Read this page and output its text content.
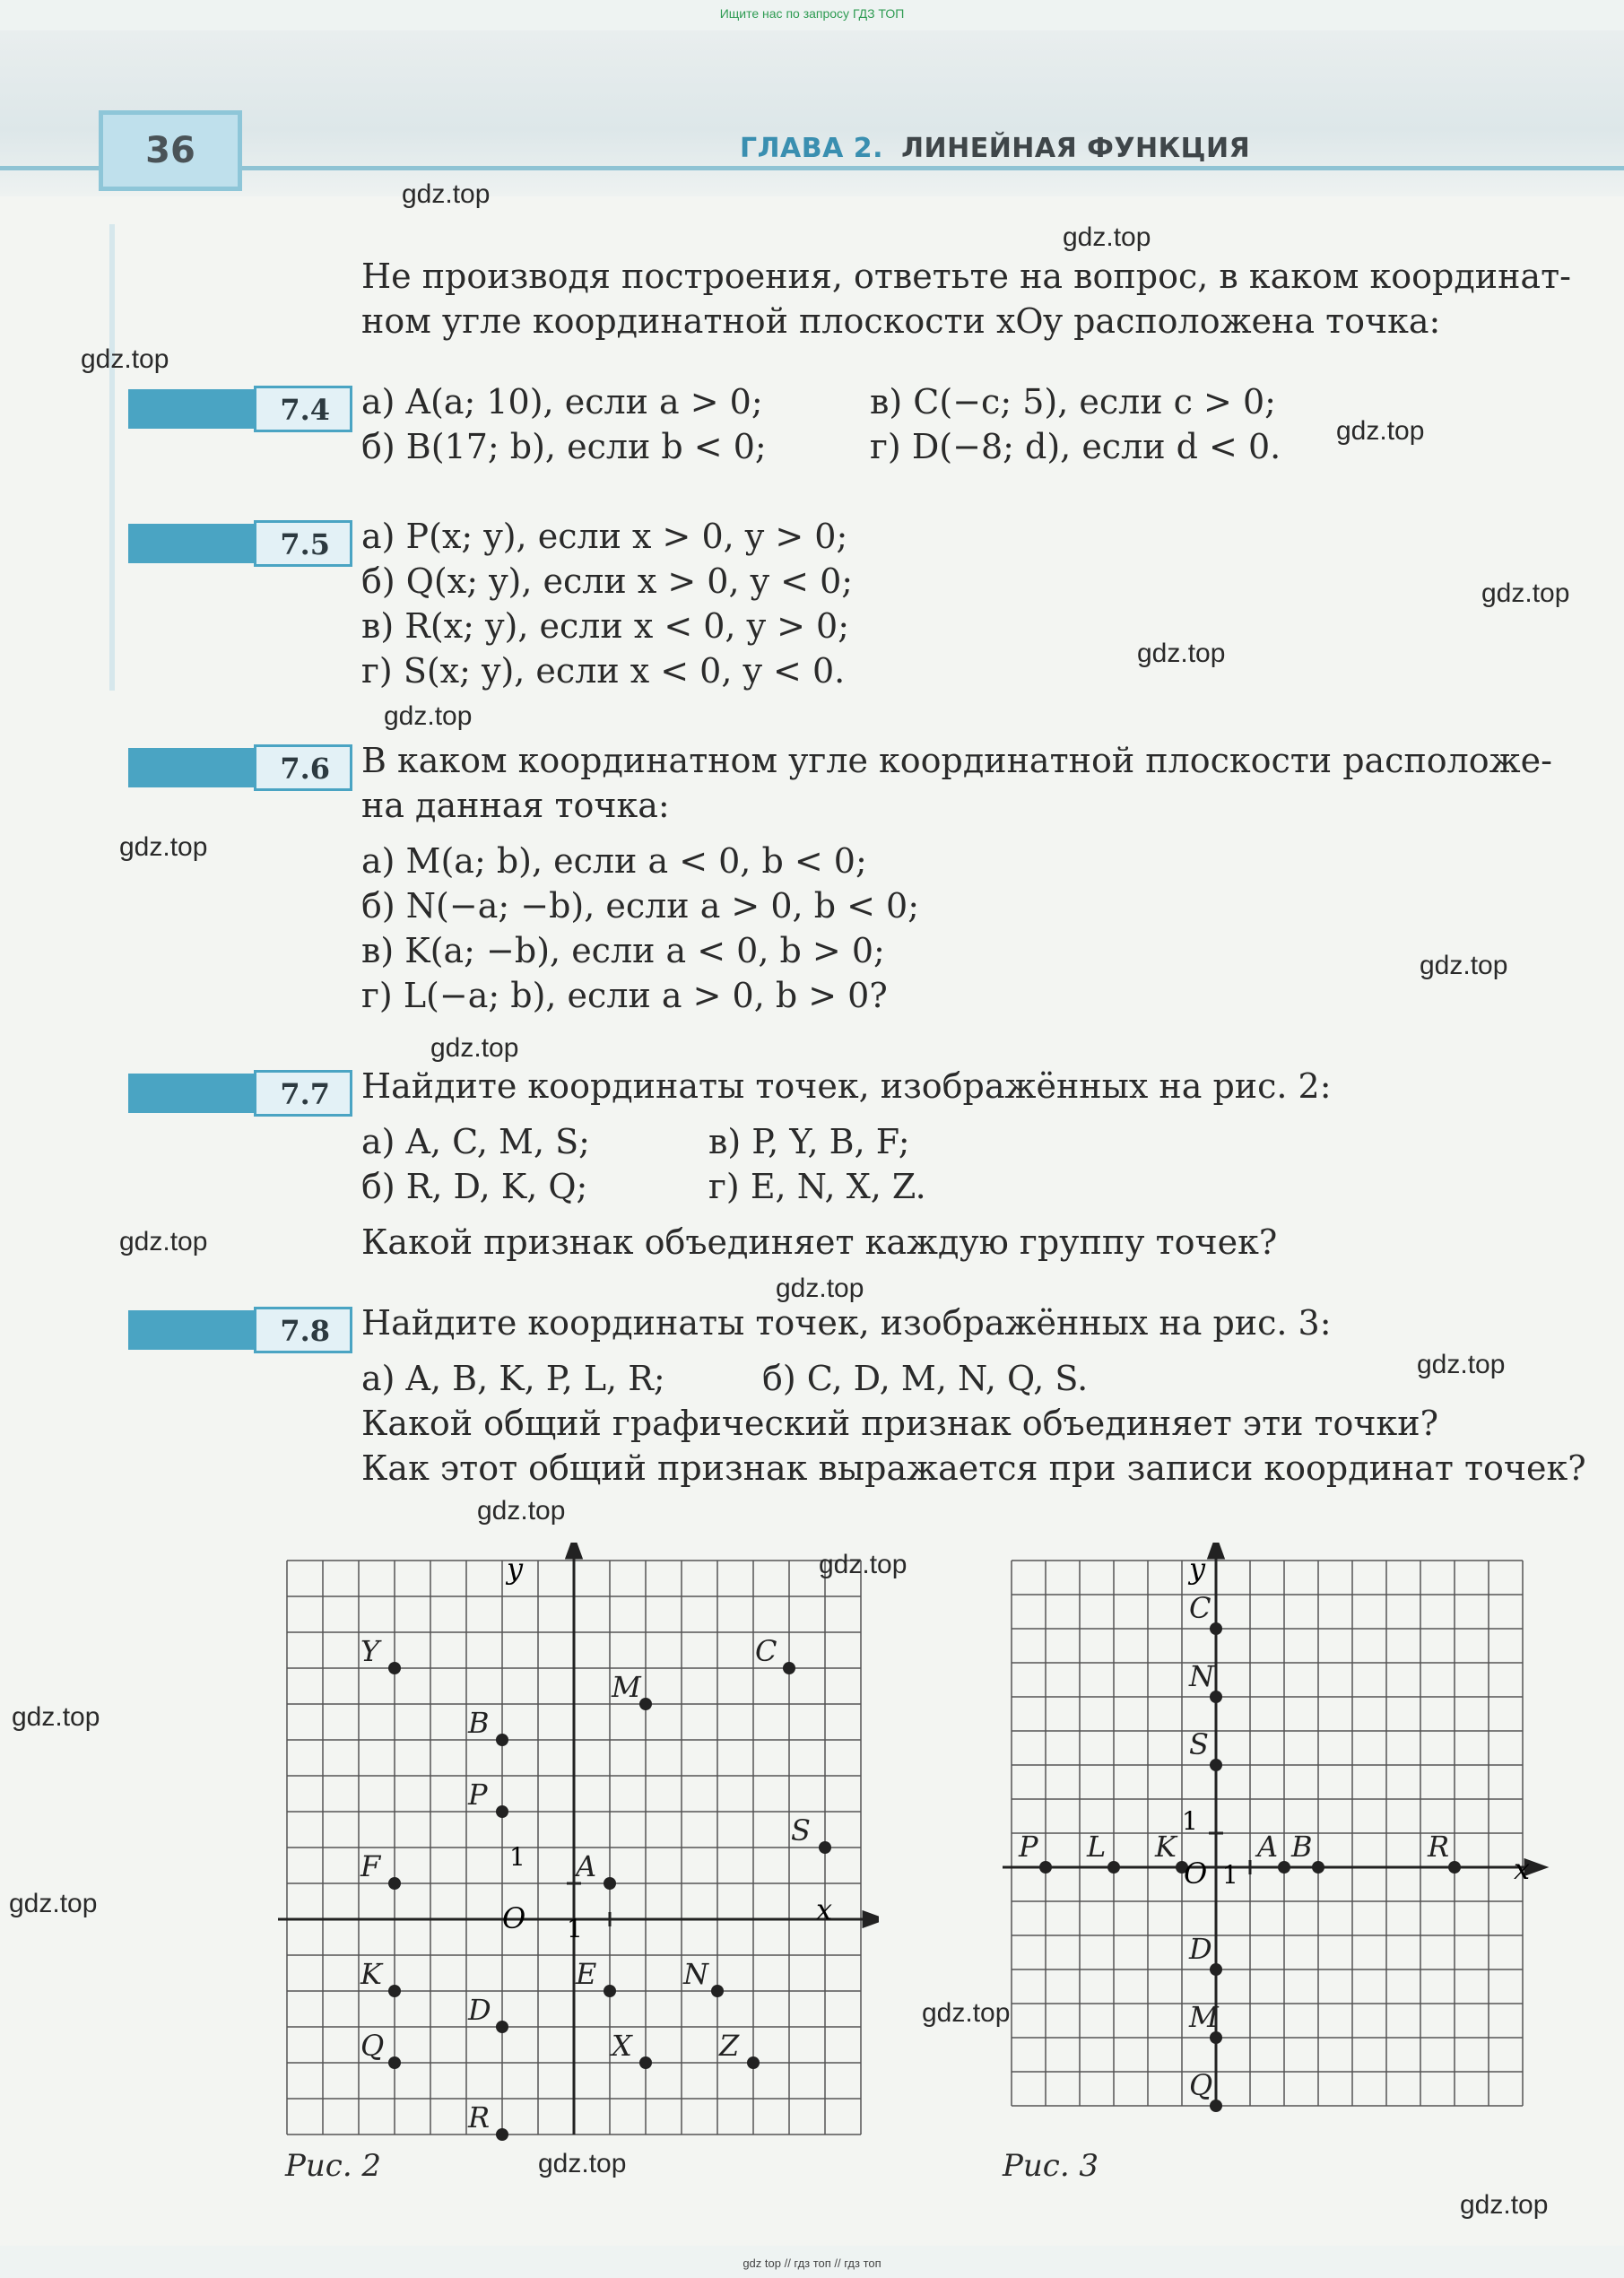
Ищите нас по запросу ГДЗ ТОП
36	ГЛАВА 2. ЛИНЕЙНАЯ ФУНКЦИЯ
Не производя построения, ответьте на вопрос, в каком координат-
ном угле координатной плоскости xOy расположена точка:
7.4 а) A(a; 10), если a > 0;	в) C(−c; 5), если c > 0;
б) B(17; b), если b < 0;	г) D(−8; d), если d < 0.
7.5 а) P(x; y), если x > 0, y > 0;
б) Q(x; y), если x > 0, y < 0;
в) R(x; y), если x < 0, y > 0;
г) S(x; y), если x < 0, y < 0.
7.6 В каком координатном угле координатной плоскости расположе-
на данная точка:
а) M(a; b), если a < 0, b < 0;
б) N(−a; −b), если a > 0, b < 0;
в) K(a; −b), если a < 0, b > 0;
г) L(−a; b), если a > 0, b > 0?
7.7 Найдите координаты точек, изображённых на рис. 2:
а) A, C, M, S;	в) P, Y, B, F;
б) R, D, K, Q;	г) E, N, X, Z.
Какой признак объединяет каждую группу точек?
7.8 Найдите координаты точек, изображённых на рис. 3:
а) A, B, K, P, L, R;	б) C, D, M, N, Q, S.
Какой общий графический признак объединяет эти точки?
Как этот общий признак выражается при записи координат точек?
Y	C
M
B
P
S
F	A
K	E	N
D
Q	X	Z
R
x
y
O 1
1
Рис. 2
C
N
S
P L K	A B	R
D
M
Q
x
y
O 1
1
Рис. 3
gdz.top
gdz.top
gdz.top
gdz.top
gdz.top
gdz.top
gdz.top
gdz.top
gdz.top
gdz.top
gdz.top
gdz.top
gdz.top
gdz.top
gdz.top
gdz.top
gdz.top
gdz.top
gdz.top
gdz.top
gdz top // гдз топ // гдз топ
